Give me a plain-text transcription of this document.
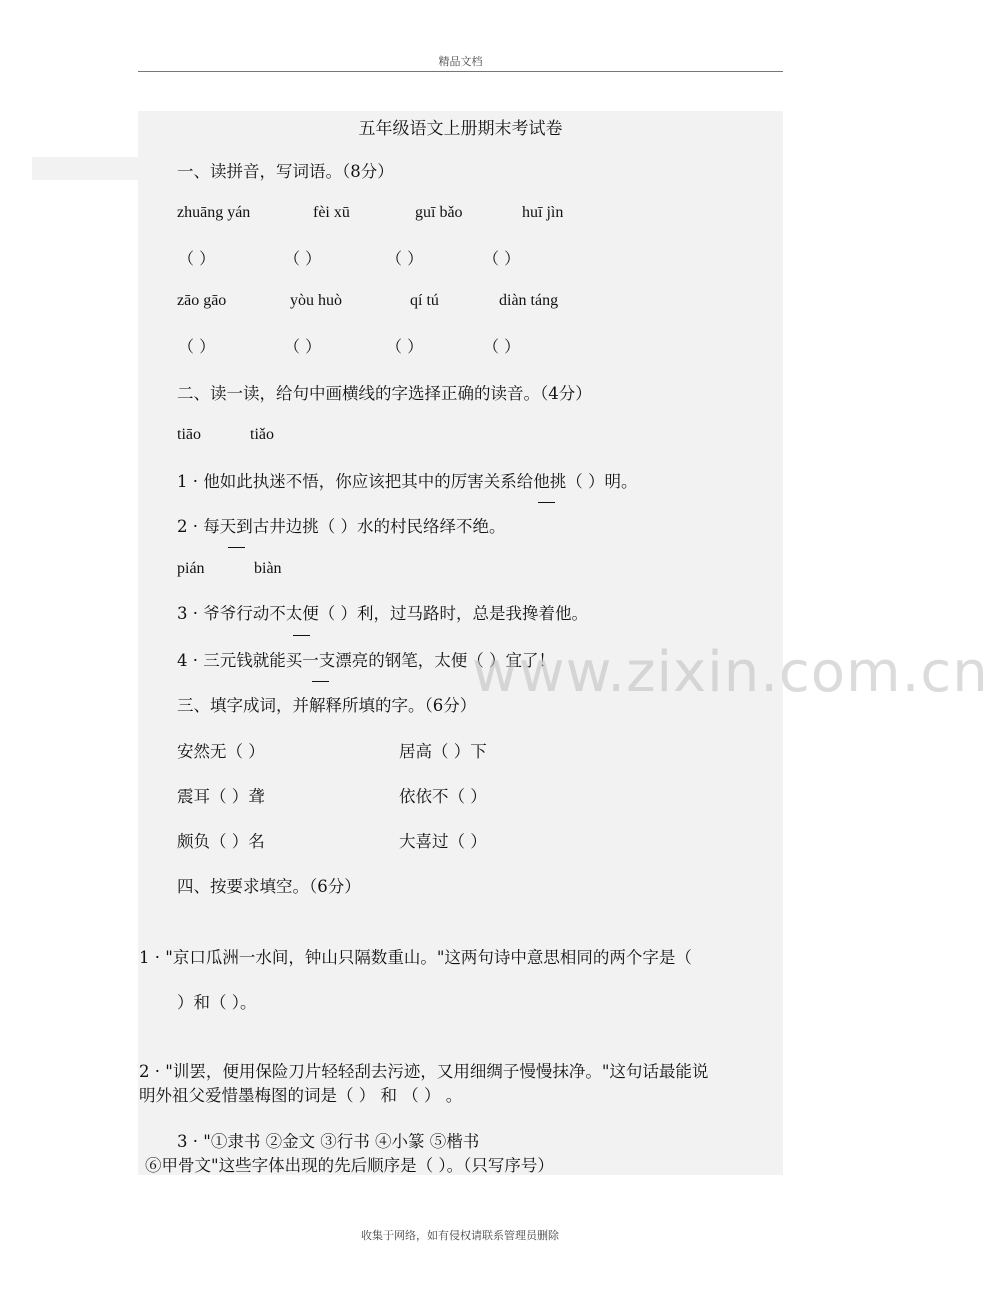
精品文档
五年级语文上册期末考试卷
一、读拼音，写词语。（8分）
zhuāng yán	fèi xū	guī bǎo	huī jìn
（ ）	（ ）	（ ）	（ ）
zāo gāo	yòu huò	qí tú	diàn táng
（ ）	（ ）	（ ）	（ ）
二、读一读，给句中画横线的字选择正确的读音。（4分）
tiāo	tiǎo
1 · 他如此执迷不悟，你应该把其中的厉害关系给他挑（ ）明。
2 · 每天到古井边挑（ ）水的村民络绎不绝。
pián	biàn
3 · 爷爷行动不太便（ ）利，过马路时，总是我搀着他。
4 · 三元钱就能买一支漂亮的钢笔，太便（ ）宜了！
三、填字成词，并解释所填的字。（6分）
安然无（ ）	居高（ ）下
震耳（ ）聋	依依不（ ）
颇负（ ）名	大喜过（ ）
四、按要求填空。（6分）
1 · "京口瓜洲一水间，钟山只隔数重山。"这两句诗中意思相同的两个字是（
）和（ ）。
2 · "训罢，便用保险刀片轻轻刮去污迹，又用细绸子慢慢抹净。"这句话最能说
明外祖父爱惜墨梅图的词是（ ） 和 （ ） 。
3 · "①隶书 ②金文 ③行书 ④小篆 ⑤楷书
⑥甲骨文"这些字体出现的先后顺序是（ ）。（只写序号）
www.zixin.com.cn
收集于网络，如有侵权请联系管理员删除
